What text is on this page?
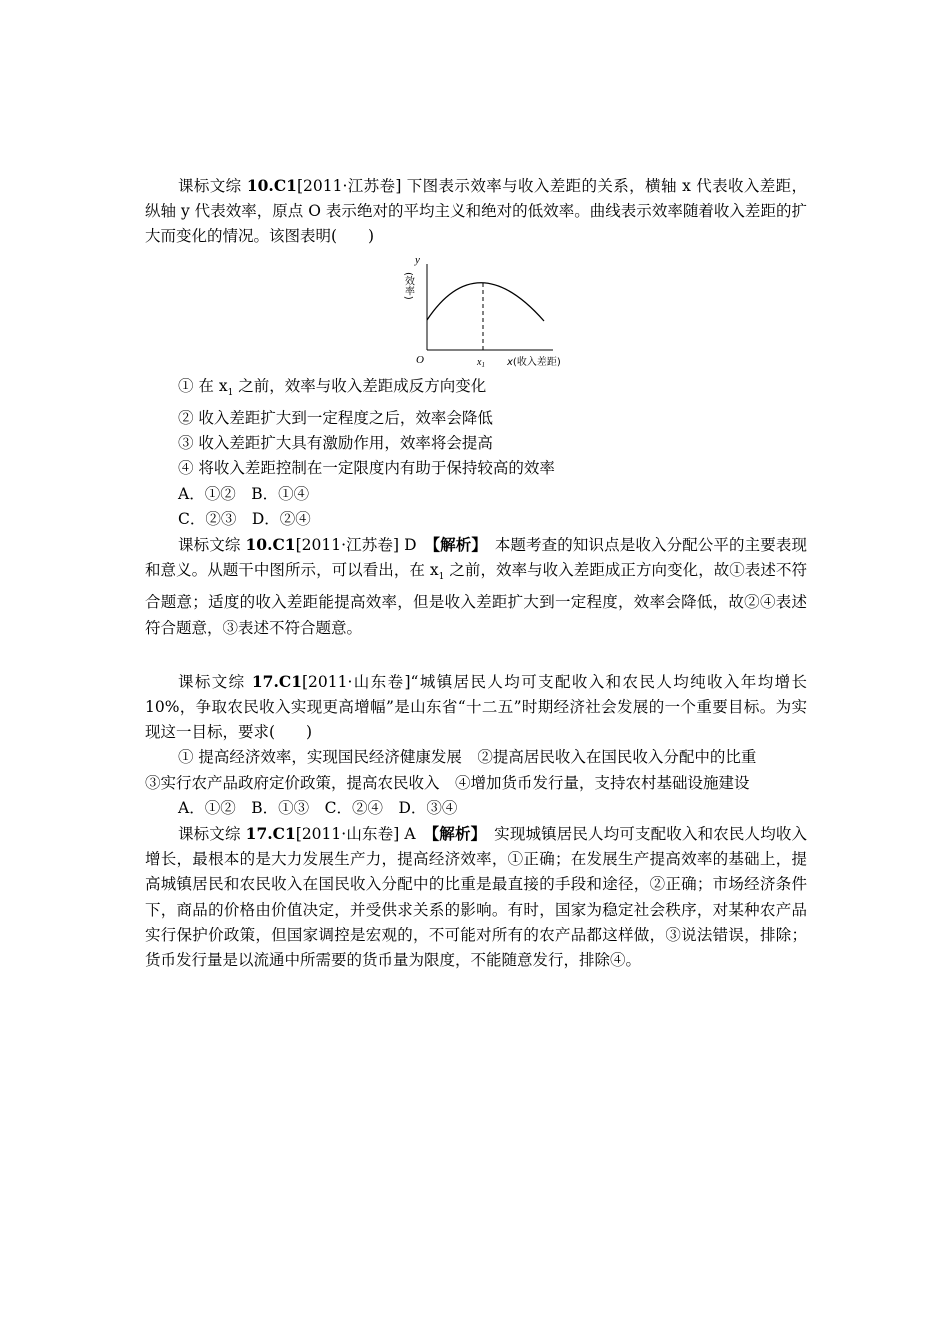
课标文综 10.C1[2011·江苏卷] 下图表示效率与收入差距的关系，横轴 x 代表收入差距，纵轴 y 代表效率，原点 O 表示绝对的平均主义和绝对的低效率。曲线表示效率随着收入差距的扩大而变化的情况。该图表明(　　)

y
(效率)
O	$x_1$ x(收入差距)

① 在 $x_1$ 之前，效率与收入差距成反方向变化

② 收入差距扩大到一定程度之后，效率会降低

③ 收入差距扩大具有激励作用，效率将会提高

④ 将收入差距控制在一定限度内有助于保持较高的效率

A．①②　B．①④

C．②③　D．②④

课标文综 10.C1[2011·江苏卷] D　【解析】　本题考查的知识点是收入分配公平的主要表现和意义。从题干中图所示，可以看出，在 $x_1$ 之前，效率与收入差距成正方向变化，故①表述不符合题意；适度的收入差距能提高效率，但是收入差距扩大到一定程度，效率会降低，故②④表述符合题意，③表述不符合题意。

课标文综 17.C1[2011·山东卷]“城镇居民人均可支配收入和农民人均纯收入年均增长 10%，争取农民收入实现更高增幅”是山东省“十二五”时期经济社会发展的一个重要目标。为实现这一目标，要求(　　)

① 提高经济效率，实现国民经济健康发展　②提高居民收入在国民收入分配中的比重

③实行农产品政府定价政策，提高农民收入　④增加货币发行量，支持农村基础设施建设

A．①②　B．①③　C．②④　D．③④

课标文综 17.C1[2011·山东卷] A　【解析】　实现城镇居民人均可支配收入和农民人均收入增长，最根本的是大力发展生产力，提高经济效率，①正确；在发展生产提高效率的基础上，提高城镇居民和农民收入在国民收入分配中的比重是最直接的手段和途径，②正确；市场经济条件下，商品的价格由价值决定，并受供求关系的影响。有时，国家为稳定社会秩序，对某种农产品实行保护价政策，但国家调控是宏观的，不可能对所有的农产品都这样做，③说法错误，排除；货币发行量是以流通中所需要的货币量为限度，不能随意发行，排除④。
